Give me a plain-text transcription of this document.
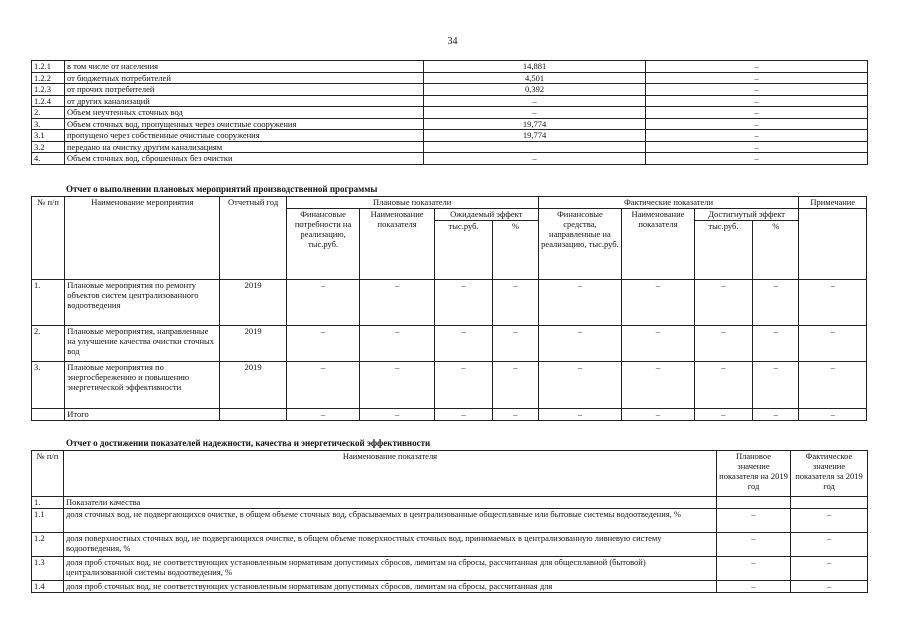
34
1.2.1	в том числе от населения	14,881	–
1.2.2	от бюджетных потребителей	4,501	–
1.2.3	от прочих потребителей	0,392	–
1.2.4	от других канализаций	–	–
2.	Объем неучтенных сточных вод	–	–
3.	Объем сточных вод, пропущенных через очистные сооружения	19,774	–
3.1	пропущено через собственные очистные сооружения	19,774	–
3.2	передано на очистку другим канализациям		–
4.	Объем сточных вод, сброшенных без очистки	–	–
Отчет о выполнении плановых мероприятий производственной программы
№ п/п	Наименование мероприятия	Отчетный год	Плановые показатели				Фактические показатели				Примечание
			Финансовые потребности на реализацию, тыс.руб.	Наименование показателя	Ожидаемый эффект		Финансовые средства, направленные на реализацию, тыс.руб.	Наименование показателя	Достигнутый эффект		
					тыс.руб.	%			тыс.руб.	%	
1.	Плановые мероприятия по ремонту объектов систем централизованного водоотведения	2019	–	–	–	–	–	–	–	–	–
2.	Плановые мероприятия, направленные на улучшение качества очистки сточных вод	2019	–	–	–	–	–	–	–	–	–
3.	Плановые мероприятия по энергосбережению и повышению энергетической эффективности	2019	–	–	–	–	–	–	–	–	–
	Итого		–	–	–	–	–	–	–	–	–
Отчет о достижении показателей надежности, качества и энергетической эффективности
№ п/п	Наименование показателя	Плановое значение показателя на 2019 год	Фактическое значение показателя за 2019 год
1.	Показатели качества		
1.1	доля сточных вод, не подвергающихся очистке, в общем объеме сточных вод, сбрасываемых в централизованные общесплавные или бытовые системы водоотведения, %	–	–
1.2	доля поверхностных сточных вод, не подвергающихся очистке, в общем объеме поверхностных сточных вод, принимаемых в централизованную ливневую систему водоотведения, %	–	–
1.3	доля проб сточных вод, не соответствующих установленным нормативам допустимых сбросов, лимитам на сбросы, рассчитанная для общесплавной (бытовой) централизованной системы водоотведения, %	–	–
1.4	доля проб сточных вод, не соответствующих установленным нормативам допустимых сбросов, лимитам на сбросы, рассчитанная для	–	–
